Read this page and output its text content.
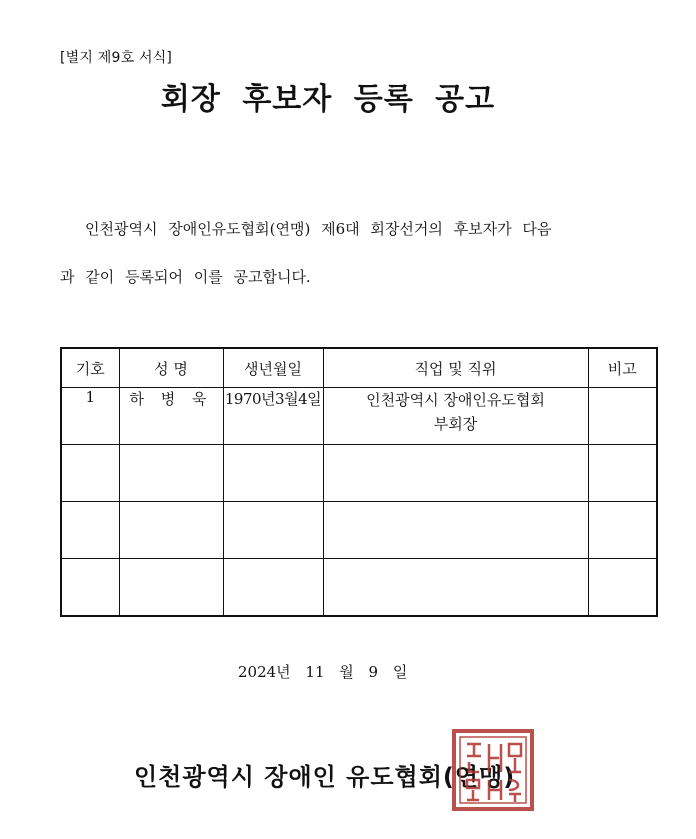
[별지 제9호 서식]
회장 후보자 등록 공고
인천광역시 장애인유도협회(연맹) 제6대 회장선거의 후보자가 다음
과 같이 등록되어 이를 공고합니다.
기호	성 명	생년월일	직업 및 직위	비고
1	하 병 욱	1970년3월4일	인천광역시 장애인유도협회
부회장	

2024년 11 월 9 일
인천광역시 장애인 유도협회(연맹)
